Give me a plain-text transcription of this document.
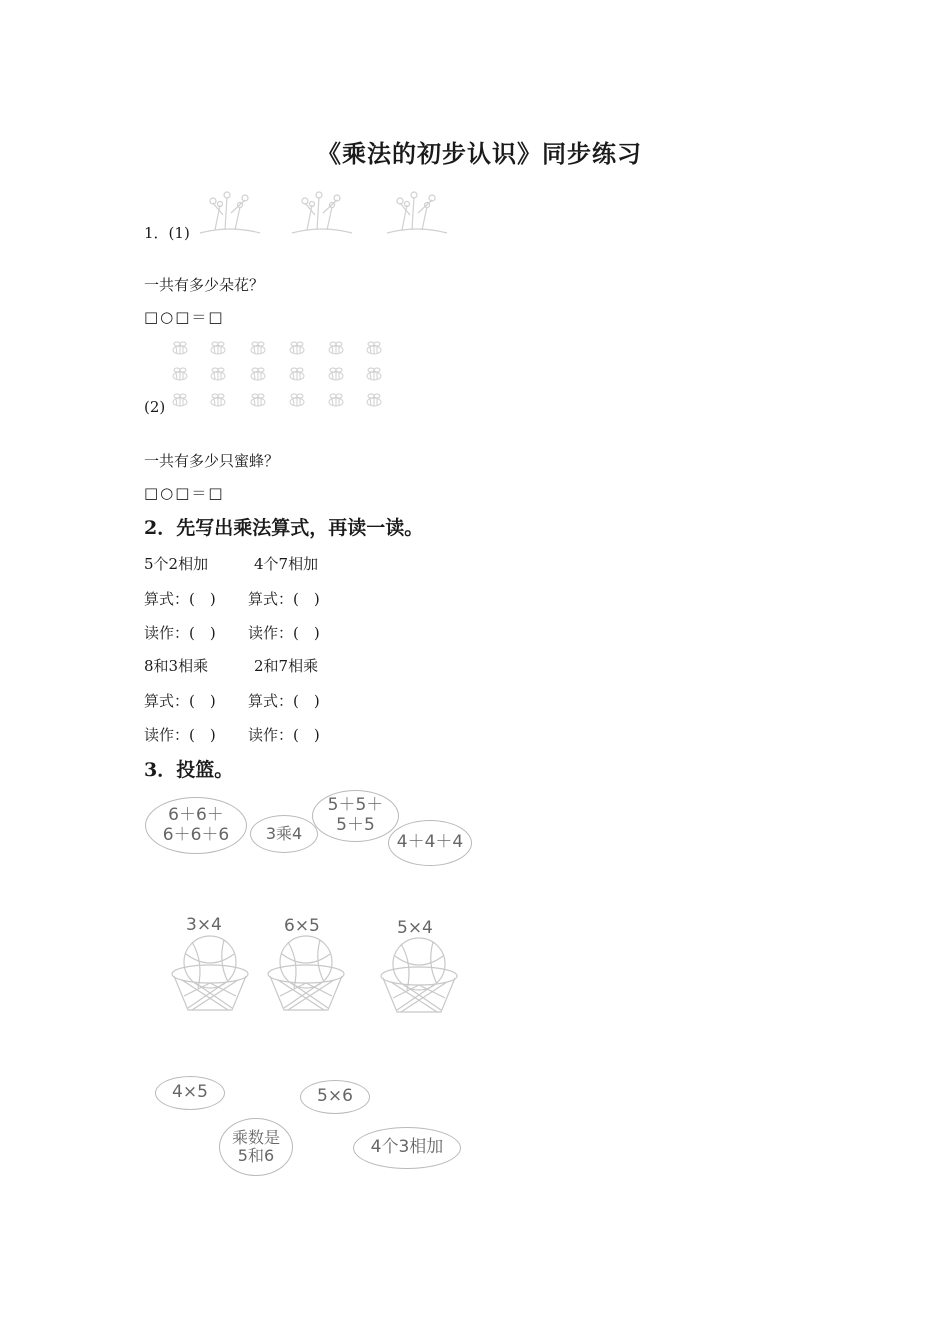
《乘法的初步认识》同步练习
1．(1)
一共有多少朵花？
□○□＝□
(2)
一共有多少只蜜蜂？
□○□＝□
2．先写出乘法算式，再读一读。
5个2相加	4个7相加
算式：(　) 算式：(　)
读作：(　) 读作：(　)
8和3相乘	2和7相乘
算式：(　) 算式：(　)
读作：(　) 读作：(　)
3．投篮。
6＋6＋
6＋6＋6 3乘4
5＋5＋
5＋5
4＋4＋4
3×4	6×5	5×4
4×5	5×6
乘数是
5和6	4个3相加
